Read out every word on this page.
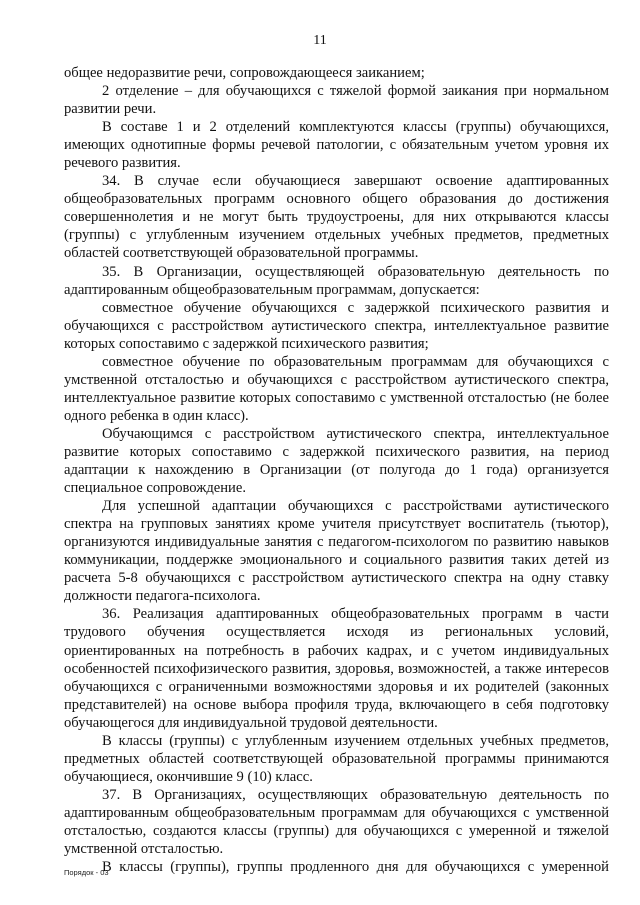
11

общее недоразвитие речи, сопровождающееся заиканием;

2 отделение – для обучающихся с тяжелой формой заикания при нормальном развитии речи.

В составе 1 и 2 отделений комплектуются классы (группы) обучающихся, имеющих однотипные формы речевой патологии, с обязательным учетом уровня их речевого развития.

34. В случае если обучающиеся завершают освоение адаптированных общеобразовательных программ основного общего образования до достижения совершеннолетия и не могут быть трудоустроены, для них открываются классы (группы) с углубленным изучением отдельных учебных предметов, предметных областей соответствующей образовательной программы.

35. В Организации, осуществляющей образовательную деятельность по адаптированным общеобразовательным программам, допускается:

совместное обучение обучающихся с задержкой психического развития и обучающихся с расстройством аутистического спектра, интеллектуальное развитие которых сопоставимо с задержкой психического развития;

совместное обучение по образовательным программам для обучающихся с умственной отсталостью и обучающихся с расстройством аутистического спектра, интеллектуальное развитие которых сопоставимо с умственной отсталостью (не более одного ребенка в один класс).

Обучающимся с расстройством аутистического спектра, интеллектуальное развитие которых сопоставимо с задержкой психического развития, на период адаптации к нахождению в Организации (от полугода до 1 года) организуется специальное сопровождение.

Для успешной адаптации обучающихся с расстройствами аутистического спектра на групповых занятиях кроме учителя присутствует воспитатель (тьютор), организуются индивидуальные занятия с педагогом-психологом по развитию навыков коммуникации, поддержке эмоционального и социального развития таких детей из расчета 5-8 обучающихся с расстройством аутистического спектра на одну ставку должности педагога-психолога.

36. Реализация адаптированных общеобразовательных программ в части трудового обучения осуществляется исходя из региональных условий, ориентированных на потребность в рабочих кадрах, и с учетом индивидуальных особенностей психофизического развития, здоровья, возможностей, а также интересов обучающихся с ограниченными возможностями здоровья и их родителей (законных представителей) на основе выбора профиля труда, включающего в себя подготовку обучающегося для индивидуальной трудовой деятельности.

В классы (группы) с углубленным изучением отдельных учебных предметов, предметных областей соответствующей образовательной программы принимаются обучающиеся, окончившие 9 (10) класс.

37. В Организациях, осуществляющих образовательную деятельность по адаптированным общеобразовательным программам для обучающихся с умственной отсталостью, создаются классы (группы) для обучающихся с умеренной и тяжелой умственной отсталостью.

В классы (группы), группы продленного дня для обучающихся с умеренной

Порядок - 03
